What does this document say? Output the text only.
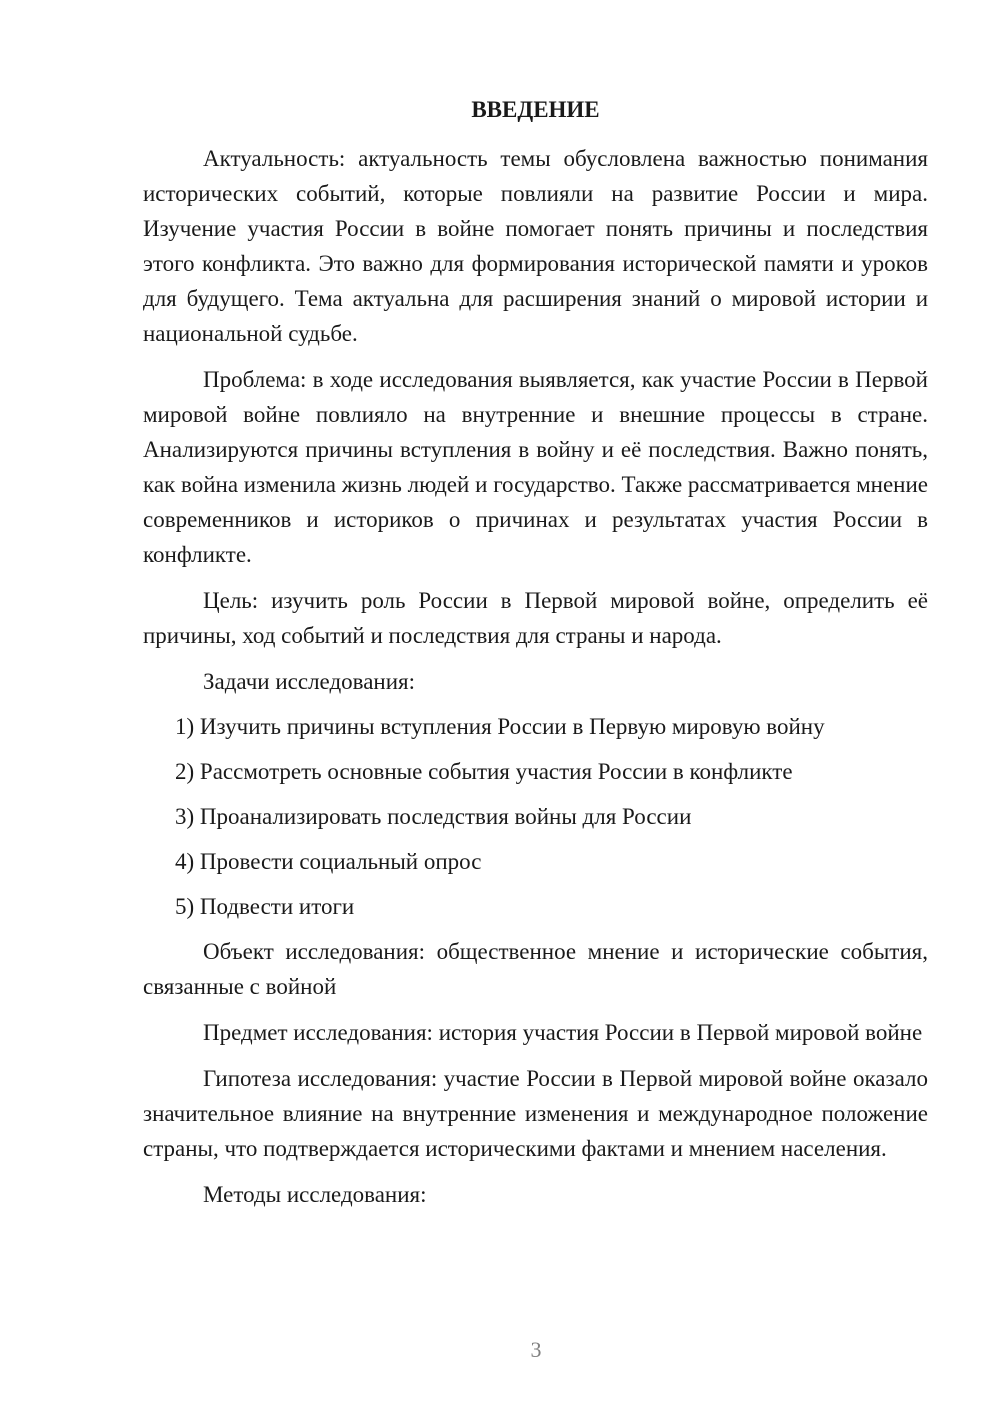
ВВЕДЕНИЕ

Актуальность: актуальность темы обусловлена важностью понимания исторических событий, которые повлияли на развитие России и мира. Изучение участия России в войне помогает понять причины и последствия этого конфликта. Это важно для формирования исторической памяти и уроков для будущего. Тема актуальна для расширения знаний о мировой истории и национальной судьбе.

Проблема: в ходе исследования выявляется, как участие России в Первой мировой войне повлияло на внутренние и внешние процессы в стране. Анализируются причины вступления в войну и её последствия. Важно понять, как война изменила жизнь людей и государство. Также рассматривается мнение современников и историков о причинах и результатах участия России в конфликте.

Цель: изучить роль России в Первой мировой войне, определить её причины, ход событий и последствия для страны и народа.

Задачи исследования:

1) Изучить причины вступления России в Первую мировую войну
2) Рассмотреть основные события участия России в конфликте
3) Проанализировать последствия войны для России
4) Провести социальный опрос
5) Подвести итоги

Объект исследования: общественное мнение и исторические события, связанные с войной

Предмет исследования: история участия России в Первой мировой войне

Гипотеза исследования: участие России в Первой мировой войне оказало значительное влияние на внутренние изменения и международное положение страны, что подтверждается историческими фактами и мнением населения.

Методы исследования:

3
